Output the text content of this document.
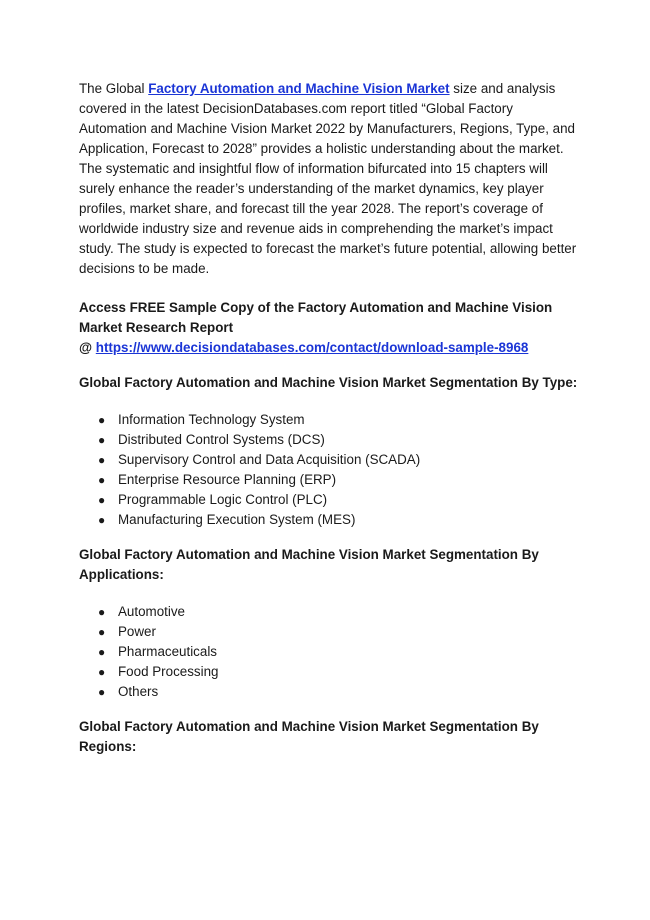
The Global Factory Automation and Machine Vision Market size and analysis covered in the latest DecisionDatabases.com report titled “Global Factory Automation and Machine Vision Market 2022 by Manufacturers, Regions, Type, and Application, Forecast to 2028” provides a holistic understanding about the market. The systematic and insightful flow of information bifurcated into 15 chapters will surely enhance the reader’s understanding of the market dynamics, key player profiles, market share, and forecast till the year 2028. The report’s coverage of worldwide industry size and revenue aids in comprehending the market’s impact study. The study is expected to forecast the market’s future potential, allowing better decisions to be made.

Access FREE Sample Copy of the Factory Automation and Machine Vision Market Research Report
@ https://www.decisiondatabases.com/contact/download-sample-8968

Global Factory Automation and Machine Vision Market Segmentation By Type:

● Information Technology System
● Distributed Control Systems (DCS)
● Supervisory Control and Data Acquisition (SCADA)
● Enterprise Resource Planning (ERP)
● Programmable Logic Control (PLC)
● Manufacturing Execution System (MES)

Global Factory Automation and Machine Vision Market Segmentation By Applications:

● Automotive
● Power
● Pharmaceuticals
● Food Processing
● Others

Global Factory Automation and Machine Vision Market Segmentation By Regions:
